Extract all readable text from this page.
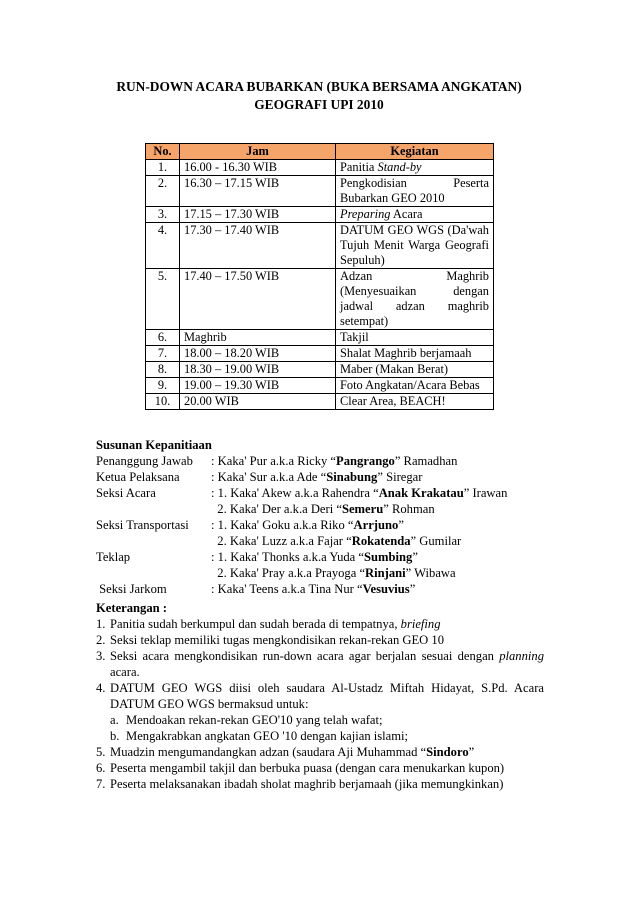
RUN-DOWN ACARA BUBARKAN (BUKA BERSAMA ANGKATAN)
GEOGRAFI UPI 2010
No.	Jam	Kegiatan
1.	16.00 - 16.30 WIB	Panitia Stand-by
2.	16.30 – 17.15 WIB	Pengkodisian Peserta Bubarkan GEO 2010
3.	17.15 – 17.30 WIB	Preparing Acara
4.	17.30 – 17.40 WIB	DATUM GEO WGS (Da'wah Tujuh Menit Warga Geografi Sepuluh)
5.	17.40 – 17.50 WIB	Adzan Maghrib (Menyesuaikan dengan jadwal adzan maghrib setempat)
6.	Maghrib	Takjil
7.	18.00 – 18.20 WIB	Shalat Maghrib berjamaah
8.	18.30 – 19.00 WIB	Maber (Makan Berat)
9.	19.00 – 19.30 WIB	Foto Angkatan/Acara Bebas
10.	20.00 WIB	Clear Area, BEACH!
Susunan Kepanitiaan
Penanggung Jawab	: Kaka' Pur a.k.a Ricky “Pangrango” Ramadhan
Ketua Pelaksana	: Kaka' Sur a.k.a Ade “Sinabung” Siregar
Seksi Acara	: 1. Kaka' Akew a.k.a Rahendra “Anak Krakatau” Irawan
2. Kaka' Der a.k.a Deri “Semeru” Rohman
Seksi Transportasi	: 1. Kaka' Goku a.k.a Riko “Arrjuno”
2. Kaka' Luzz a.k.a Fajar “Rokatenda” Gumilar
Teklap	: 1. Kaka' Thonks a.k.a Yuda “Sumbing”
2. Kaka' Pray a.k.a Prayoga “Rinjani” Wibawa
Seksi Jarkom	: Kaka' Teens a.k.a Tina Nur “Vesuvius”
Keterangan :
1. Panitia sudah berkumpul dan sudah berada di tempatnya, briefing
2. Seksi teklap memiliki tugas mengkondisikan rekan-rekan GEO 10
3. Seksi acara mengkondisikan run-down acara agar berjalan sesuai dengan planning acara.
4. DATUM GEO WGS diisi oleh saudara Al-Ustadz Miftah Hidayat, S.Pd. Acara DATUM GEO WGS bermaksud untuk:
a. Mendoakan rekan-rekan GEO'10 yang telah wafat;
b. Mengakrabkan angkatan GEO '10 dengan kajian islami;
5. Muadzin mengumandangkan adzan (saudara Aji Muhammad “Sindoro”
6. Peserta mengambil takjil dan berbuka puasa (dengan cara menukarkan kupon)
7. Peserta melaksanakan ibadah sholat maghrib berjamaah (jika memungkinkan)
